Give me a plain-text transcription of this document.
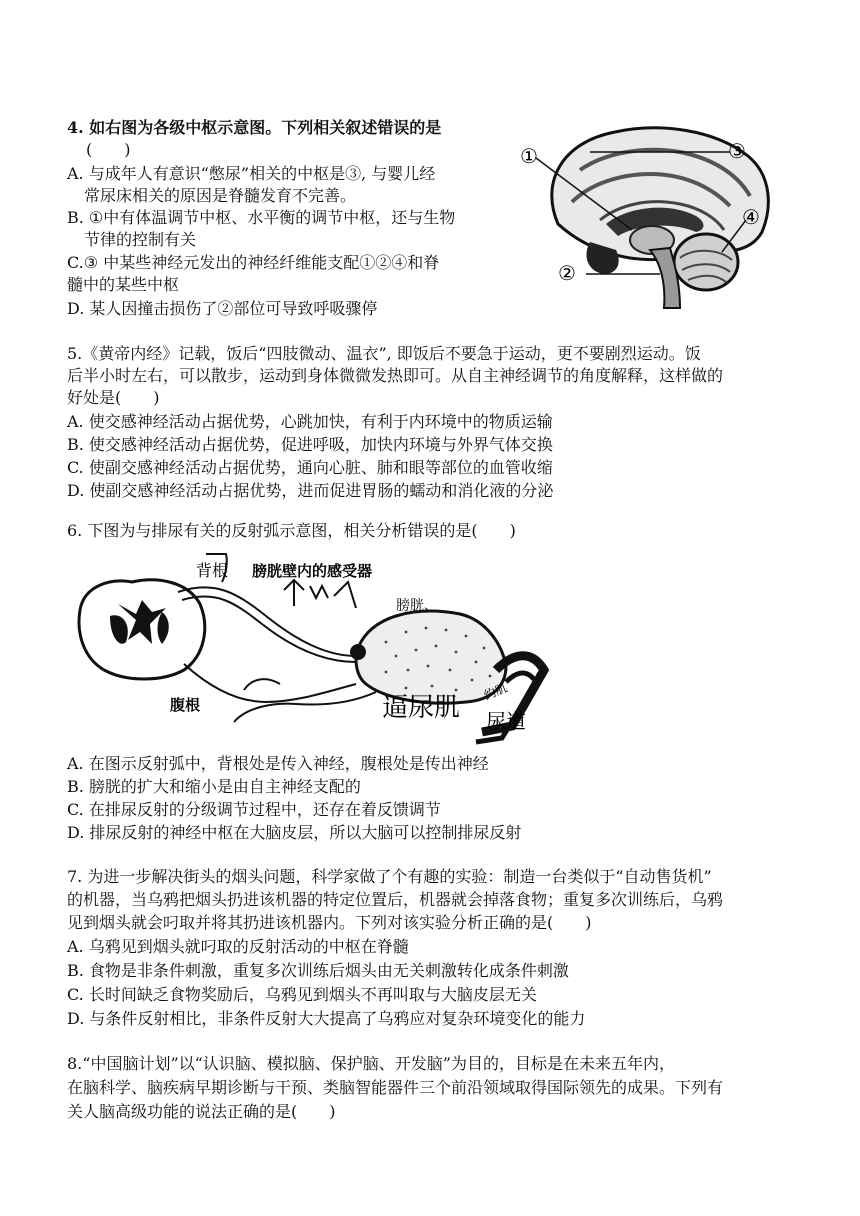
4. 如右图为各级中枢示意图。下列相关叙述错误的是
(　　)
A. 与成年人有意识“憋尿”相关的中枢是③, 与婴儿经
常尿床相关的原因是脊髓发育不完善。
B. ①中有体温调节中枢、水平衡的调节中枢，还与生物
节律的控制有关
C.③ 中某些神经元发出的神经纤维能支配①②④和脊
髓中的某些中枢
D. 某人因撞击损伤了②部位可导致呼吸骤停
①
②
③
④
5.《黄帝内经》记载，饭后“四肢微动、温衣”, 即饭后不要急于运动，更不要剧烈运动。饭
后半小时左右，可以散步，运动到身体微微发热即可。从自主神经调节的角度解释，这样做的
好处是(　　)
A. 使交感神经活动占据优势，心跳加快，有利于内环境中的物质运输
B. 使交感神经活动占据优势，促进呼吸，加快内环境与外界气体交换
C. 使副交感神经活动占据优势，通向心脏、肺和眼等部位的血管收缩
D. 使副交感神经活动占据优势，进而促进胃肠的蠕动和消化液的分泌
6. 下图为与排尿有关的反射弧示意图，相关分析错误的是(　　)
背根 膀胱壁内的感受器
膀胱、
腹根	逼尿肌
约肌
尿道
A. 在图示反射弧中，背根处是传入神经，腹根处是传出神经
B. 膀胱的扩大和缩小是由自主神经支配的
C. 在排尿反射的分级调节过程中，还存在着反馈调节
D. 排尿反射的神经中枢在大脑皮层，所以大脑可以控制排尿反射
7. 为进一步解决街头的烟头问题，科学家做了个有趣的实验：制造一台类似于“自动售货机”
的机器，当乌鸦把烟头扔进该机器的特定位置后，机器就会掉落食物；重复多次训练后，乌鸦
见到烟头就会叼取并将其扔进该机器内。下列对该实验分析正确的是(　　)
A. 乌鸦见到烟头就叼取的反射活动的中枢在脊髓
B. 食物是非条件刺激，重复多次训练后烟头由无关刺激转化成条件刺激
C. 长时间缺乏食物奖励后，乌鸦见到烟头不再叫取与大脑皮层无关
D. 与条件反射相比，非条件反射大大提高了乌鸦应对复杂环境变化的能力
8.“中国脑计划”以“认识脑、模拟脑、保护脑、开发脑”为目的，目标是在未来五年内，
在脑科学、脑疾病早期诊断与干预、类脑智能器件三个前沿领域取得国际领先的成果。下列有
关人脑高级功能的说法正确的是(　　)
